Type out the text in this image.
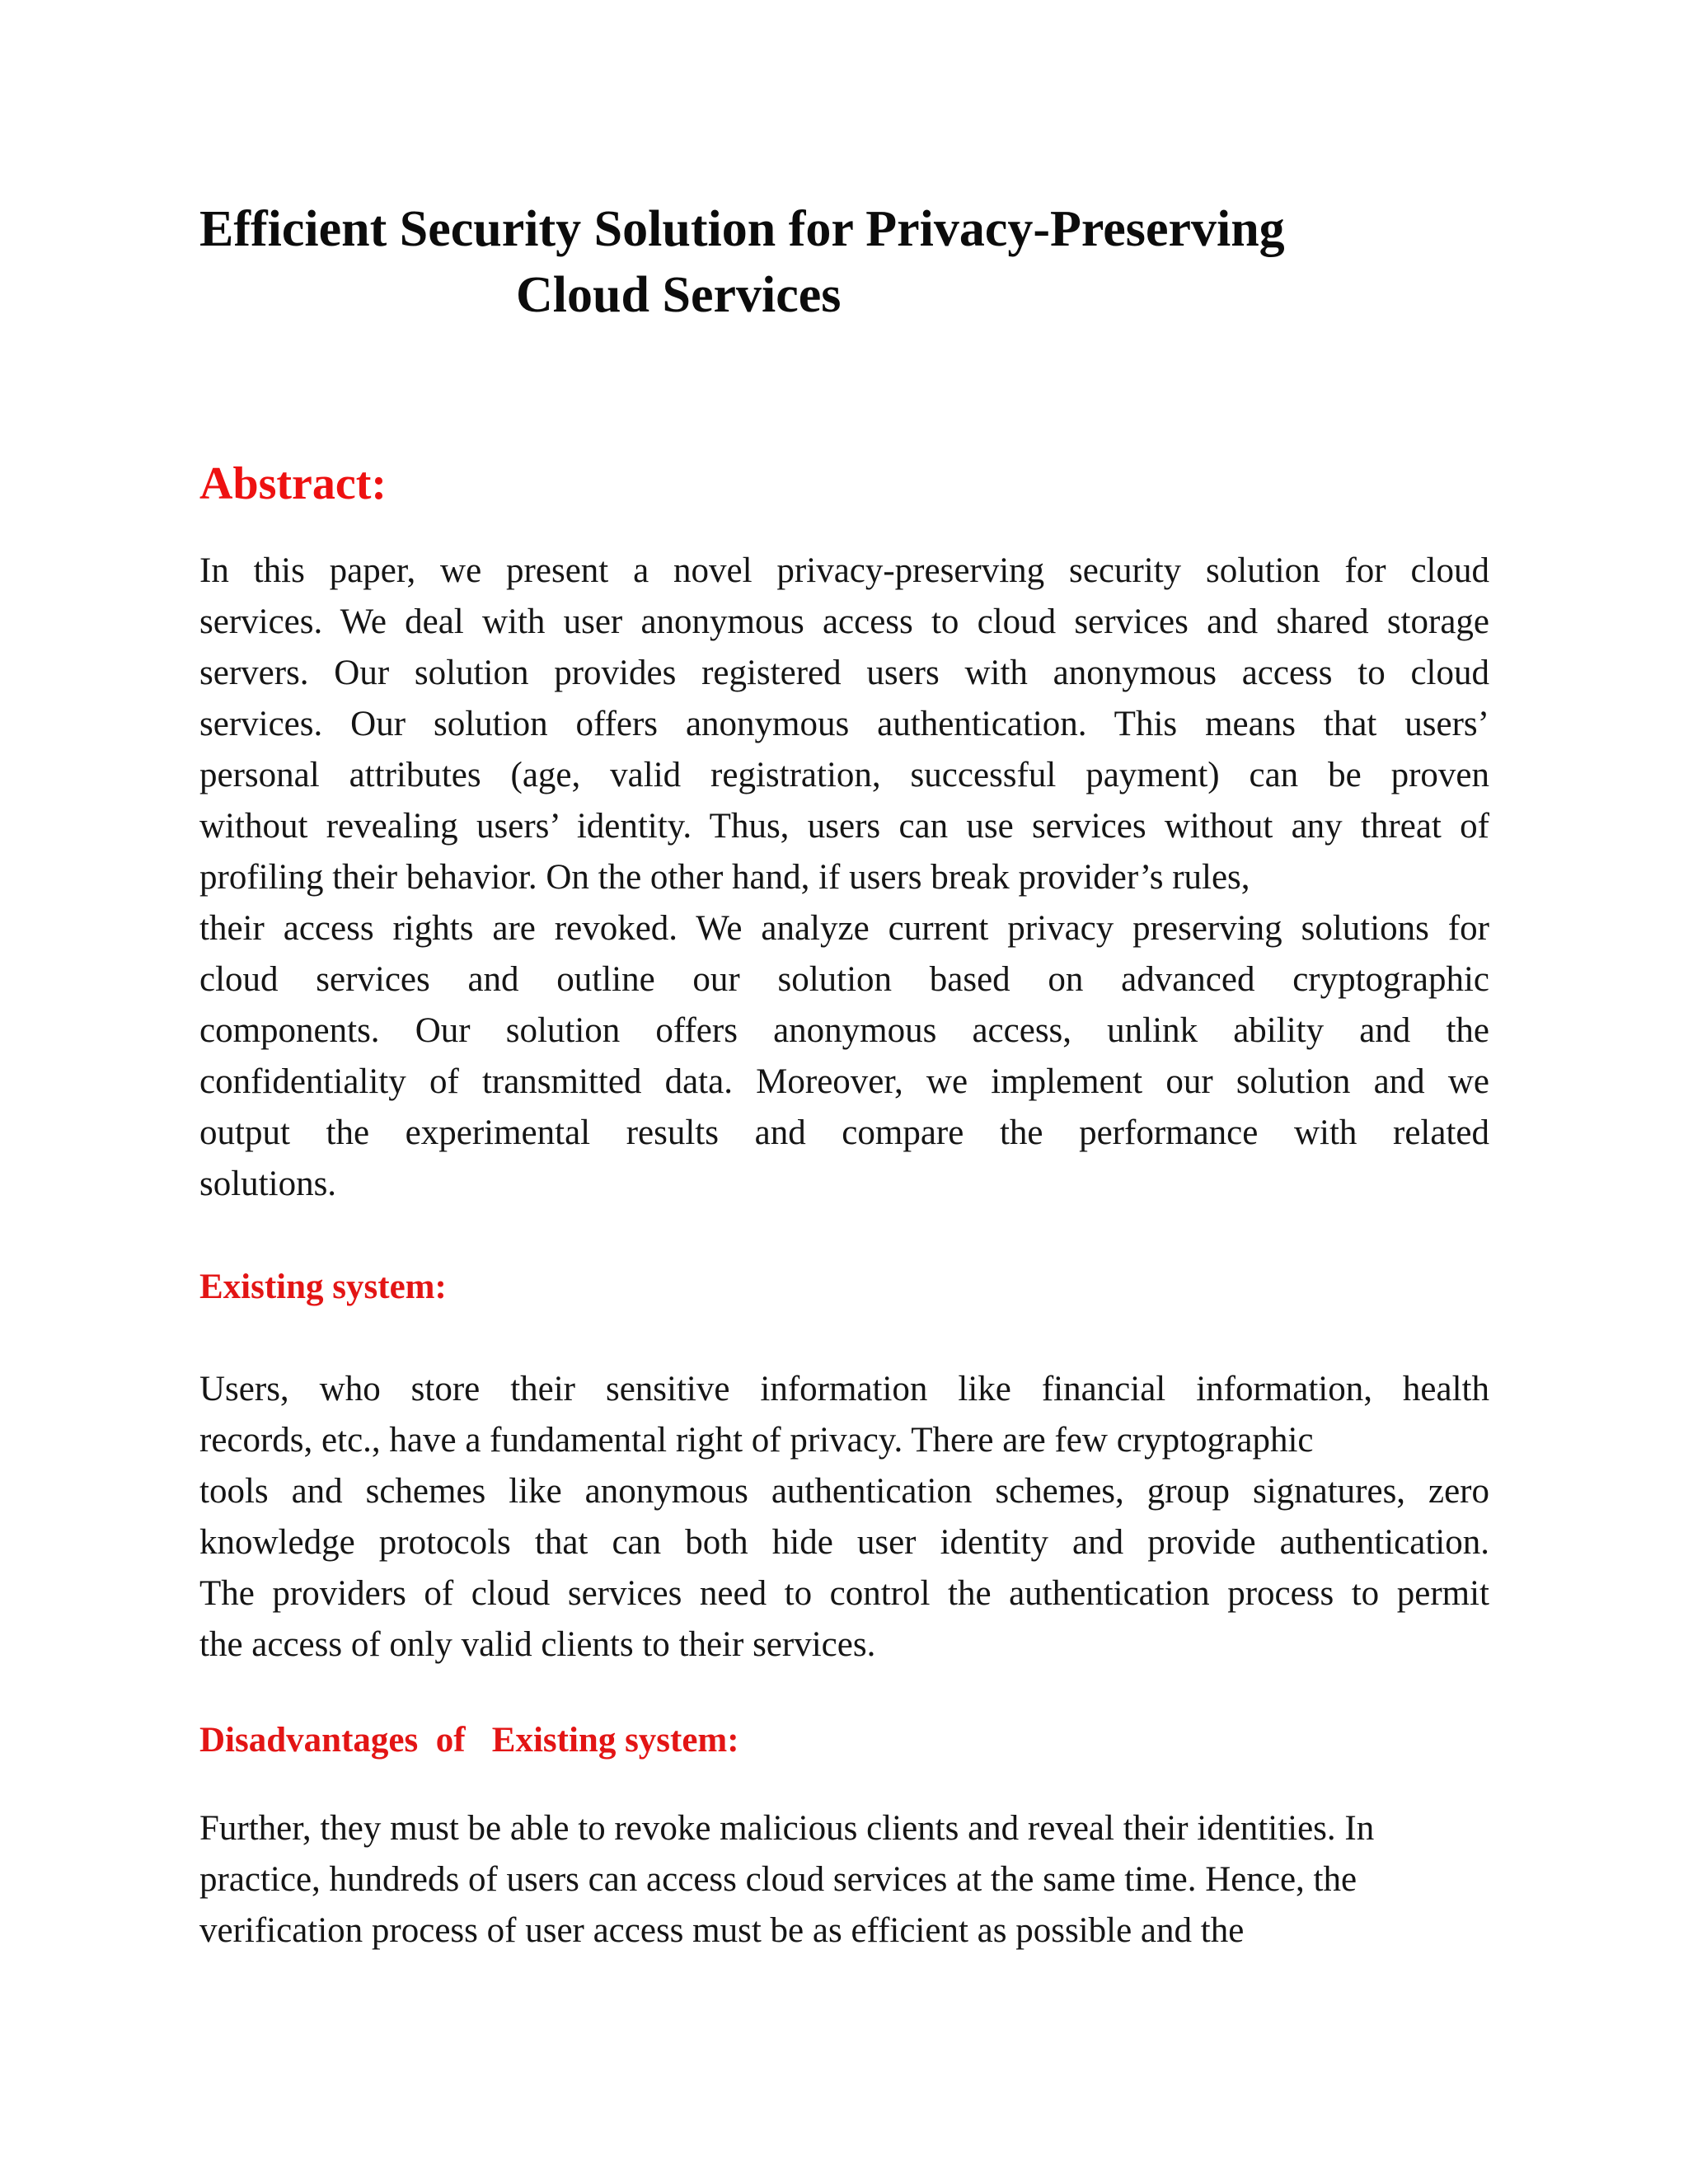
Efficient Security Solution for Privacy-Preserving
Cloud Services
Abstract:
In this paper, we present a novel privacy-preserving security solution for cloud
services. We deal with user anonymous access to cloud services and shared storage
servers. Our solution provides registered users with anonymous access to cloud
services. Our solution offers anonymous authentication. This means that users’
personal attributes (age, valid registration, successful payment) can be proven
without revealing users’ identity. Thus, users can use services without any threat of
profiling their behavior. On the other hand, if users break provider’s rules,
their access rights are revoked. We analyze current privacy preserving solutions for
cloud services and outline our solution based on advanced cryptographic
components. Our solution offers anonymous access, unlink ability and the
confidentiality of transmitted data. Moreover, we implement our solution and we
output the experimental results and compare the performance with related
solutions.
Existing system:
Users, who store their sensitive information like financial information, health
records, etc., have a fundamental right of privacy. There are few cryptographic
tools and schemes like anonymous authentication schemes, group signatures, zero
knowledge protocols that can both hide user identity and provide authentication.
The providers of cloud services need to control the authentication process to permit
the access of only valid clients to their services.
Disadvantages  of   Existing system:
Further, they must be able to revoke malicious clients and reveal their identities. In
practice, hundreds of users can access cloud services at the same time. Hence, the
verification process of user access must be as efficient as possible and the
